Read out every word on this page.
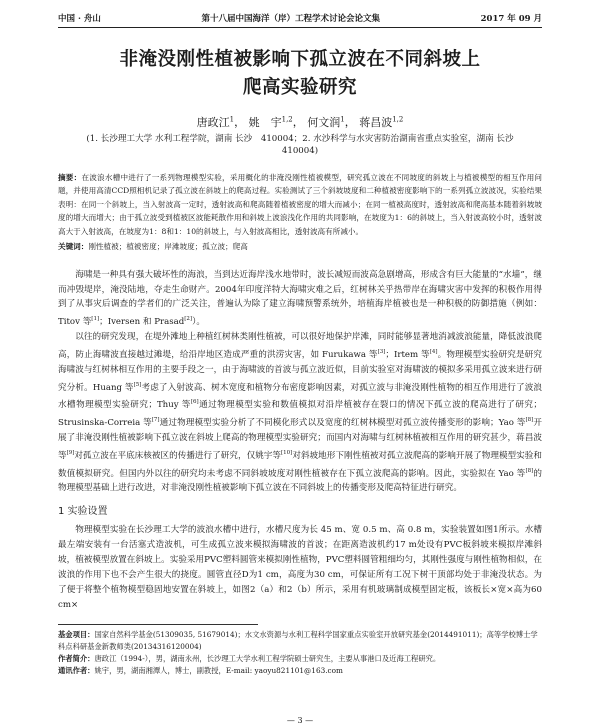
中国 · 舟山	第十八届中国海洋（岸）工程学术讨论会论文集	2017 年 09 月
非淹没刚性植被影响下孤立波在不同斜坡上
爬高实验研究
唐政江$^1$， 姚　宇$^{1,2}$， 何文润$^1$， 蒋昌波$^{1,2}$
(1. 长沙理工大学 水利工程学院，湖南 长沙　410004；2. 水沙科学与水灾害防治湖南省重点实验室，湖南 长沙　410004)
摘要：在波浪水槽中进行了一系列物理模型实验，采用概化的非淹没刚性植被模型，研究孤立波在不同坡度的斜坡上与植被模型的相互作用问题，并使用高清CCD照相机记录了孤立波在斜坡上的爬高过程。实验测试了三个斜坡坡度和二种植被密度影响下的一系列孤立波波况，实验结果表明：在同一个斜坡上，当入射波高一定时，透射波高和爬高随着植被密度的增大而减小；在同一植被高度时，透射波高和爬高基本随着斜坡坡度的增大而增大；由于孤立波受到植被区波能耗散作用和斜坡上波浪浅化作用的共同影响，在坡度为1：6的斜坡上，当入射波高较小时，透射波高大于入射波高，在坡度为1：8和1：10的斜坡上，与入射波高相比，透射波高有所减小。
关键词：刚性植被；植被密度；岸滩坡度；孤立波；爬高

海啸是一种具有强大破坏性的海浪，当到达近海岸浅水地带时，波长减短而波高急剧增高，形成含有巨大能量的“水墙”，继而冲毁堤岸，淹没陆地，夺走生命财产。2004年印度洋特大海啸灾难之后，红树林关乎热带岸在海啸灾害中发挥的积极作用得到了从事灾后调查的学者们的广泛关注，普遍认为除了建立海啸预警系统外，培植海岸植被也是一种积极的防御措施（例如：Titov 等[1]；Iversen 和 Prasad[2]）。

以往的研究发现，在堤外滩地上种植红树林类刚性植被，可以很好地保护岸滩，同时能够显著地消减波浪能量，降低波浪爬高，防止海啸波直接越过滩堤，给沿岸地区造成严重的洪涝灾害，如 Furukawa 等[3]；Irtem 等[4]。物理模型实验研究是研究海啸波与红树林相互作用的主要手段之一，由于海啸波的首波与孤立波近似，目前实验室对海啸波的模拟多采用孤立波来进行研究分析。Huang 等[5]考虑了入射波高、树木宽度和植物分布密度影响因素，对孤立波与非淹没刚性植物的相互作用进行了波浪水槽物理模型实验研究；Thuy 等[6]通过物理模型实验和数值模拟对沿岸植被存在裂口的情况下孤立波的爬高进行了研究；Strusinska-Correia 等[7]通过物理模型实验分析了不同模化形式以及宽度的红树林模型对孤立波传播变形的影响；Yao 等[8]开展了非淹没刚性植被影响下孤立波在斜坡上爬高的物理模型实验研究；而国内对海啸与红树林植被相互作用的研究甚少，蒋昌波等[9]对孤立波在平底床核被区的传播进行了研究，仅姚宇等[10]对斜坡地形下刚性植被对孤立波爬高的影响开展了物理模型实验和数值模拟研究。但国内外以往的研究均未考虑不同斜坡坡度对刚性植被存在下孤立波爬高的影响。因此，实验拟在 Yao 等[8]的物理模型基础上进行改进，对非淹没刚性植被影响下孤立波在不同斜坡上的传播变形及爬高特征进行研究。

1 实验设置

物理模型实验在长沙理工大学的波浪水槽中进行，水槽尺度为长 45 m、宽 0.5 m、高 0.8 m，实验装置如图1所示。水槽最左端安装有一台活塞式造波机，可生成孤立波来模拟海啸波的首波；在距离造波机约17 m处设有PVC板斜坡来模拟岸滩斜坡，植被模型放置在斜坡上。实验采用PVC塑料圆管来模拟刚性植物，PVC塑料圆管粗细均匀，其刚性强度与刚性植物相似，在波浪的作用下也不会产生很大的挠度。圆管直径D为1 cm，高度为30 cm，可保证所有工况下树干顶部均处于非淹没状态。为了便于将整个植物模型稳固地安置在斜坡上，如图2（a）和2（b）所示，采用有机玻璃制成模型固定板，该板长×宽×高为60 cm×

基金项目：国家自然科学基金(51309035, 51679014)；水文水资源与水利工程科学国家重点实验室开放研究基金(2014491011)；高等学校博士学科点科研基金新教师类(20134316120004)
作者简介：唐政江（1994-），男，湖南永州，长沙理工大学水利工程学院硕士研究生，主要从事港口及近海工程研究。
通讯作者：姚宇，男，湖南湘潭人，博士，副教授，E-mail: yaoyu821101@163.com
— 3 —
